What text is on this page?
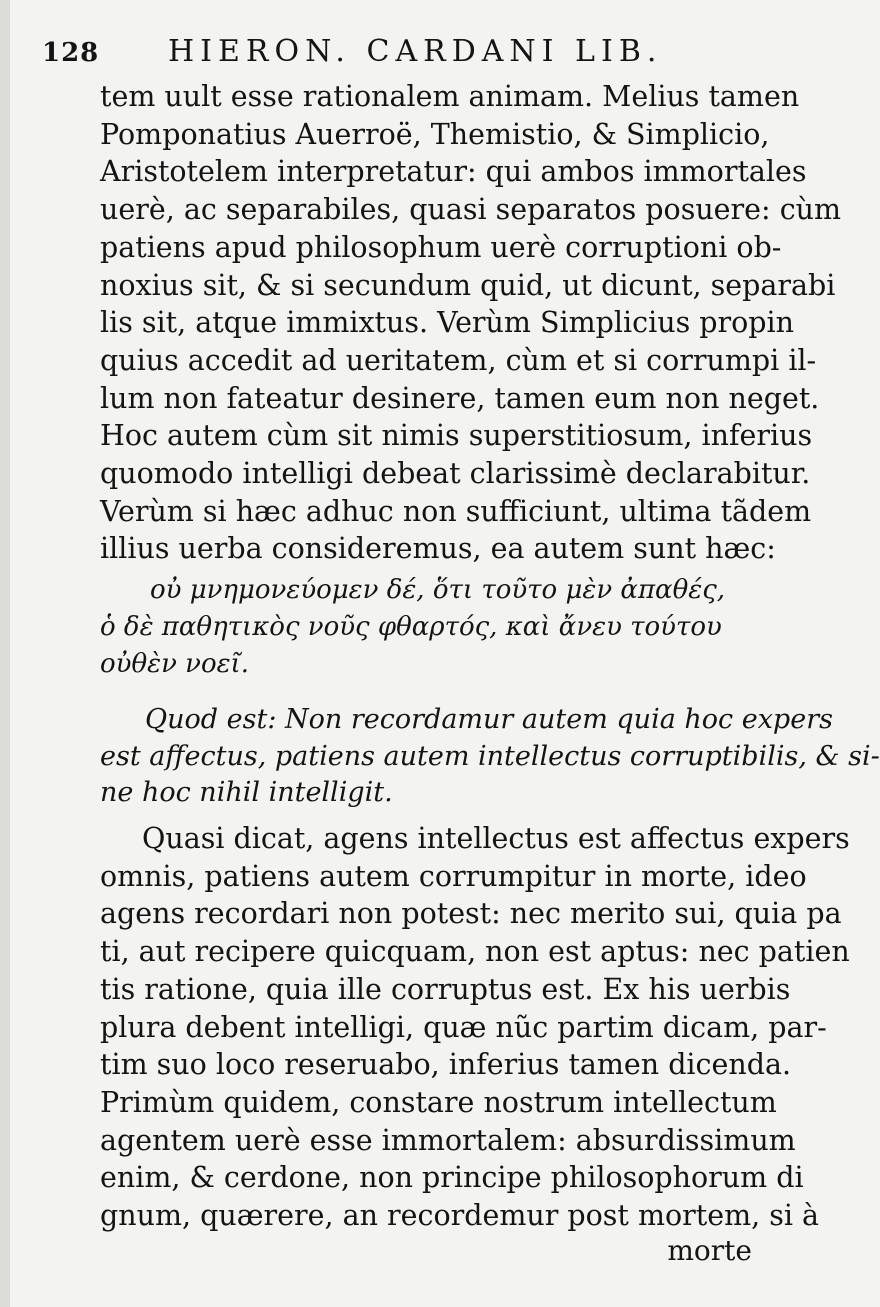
128 HIERON. CARDANI LIB.
tem uult esse rationalem animam. Melius tamen
Pomponatius Auerroë, Themistio, & Simplicio,
Aristotelem interpretatur: qui ambos immortales
uerè, ac separabiles, quasi separatos posuere: cùm
patiens apud philosophum uerè corruptioni ob-
noxius sit, & si secundum quid, ut dicunt, separabi
lis sit, atque immixtus. Verùm Simplicius propin
quius accedit ad ueritatem, cùm et si corrumpi il-
lum non fateatur desinere, tamen eum non neget.
Hoc autem cùm sit nimis superstitiosum, inferius
quomodo intelligi debeat clarissimè declarabitur.
Verùm si hæc adhuc non sufficiunt, ultima tãdem
illius uerba consideremus, ea autem sunt hæc:
οὐ μνημονεύομεν δέ, ὅτι τοῦτο μὲν ἀπαθές,
ὁ δὲ παθητικὸς νοῦς φθαρτός, καὶ ἄνευ τούτου
οὐθὲν νοεῖ.
Quod est: Non recordamur autem quia hoc expers
est affectus, patiens autem intellectus corruptibilis, & si-
ne hoc nihil intelligit.
Quasi dicat, agens intellectus est affectus expers
omnis, patiens autem corrumpitur in morte, ideo
agens recordari non potest: nec merito sui, quia pa
ti, aut recipere quicquam, non est aptus: nec patien
tis ratione, quia ille corruptus est. Ex his uerbis
plura debent intelligi, quæ nũc partim dicam, par-
tim suo loco reseruabo, inferius tamen dicenda.
Primùm quidem, constare nostrum intellectum
agentem uerè esse immortalem: absurdissimum
enim, & cerdone, non principe philosophorum di
gnum, quærere, an recordemur post mortem, si à
morte
